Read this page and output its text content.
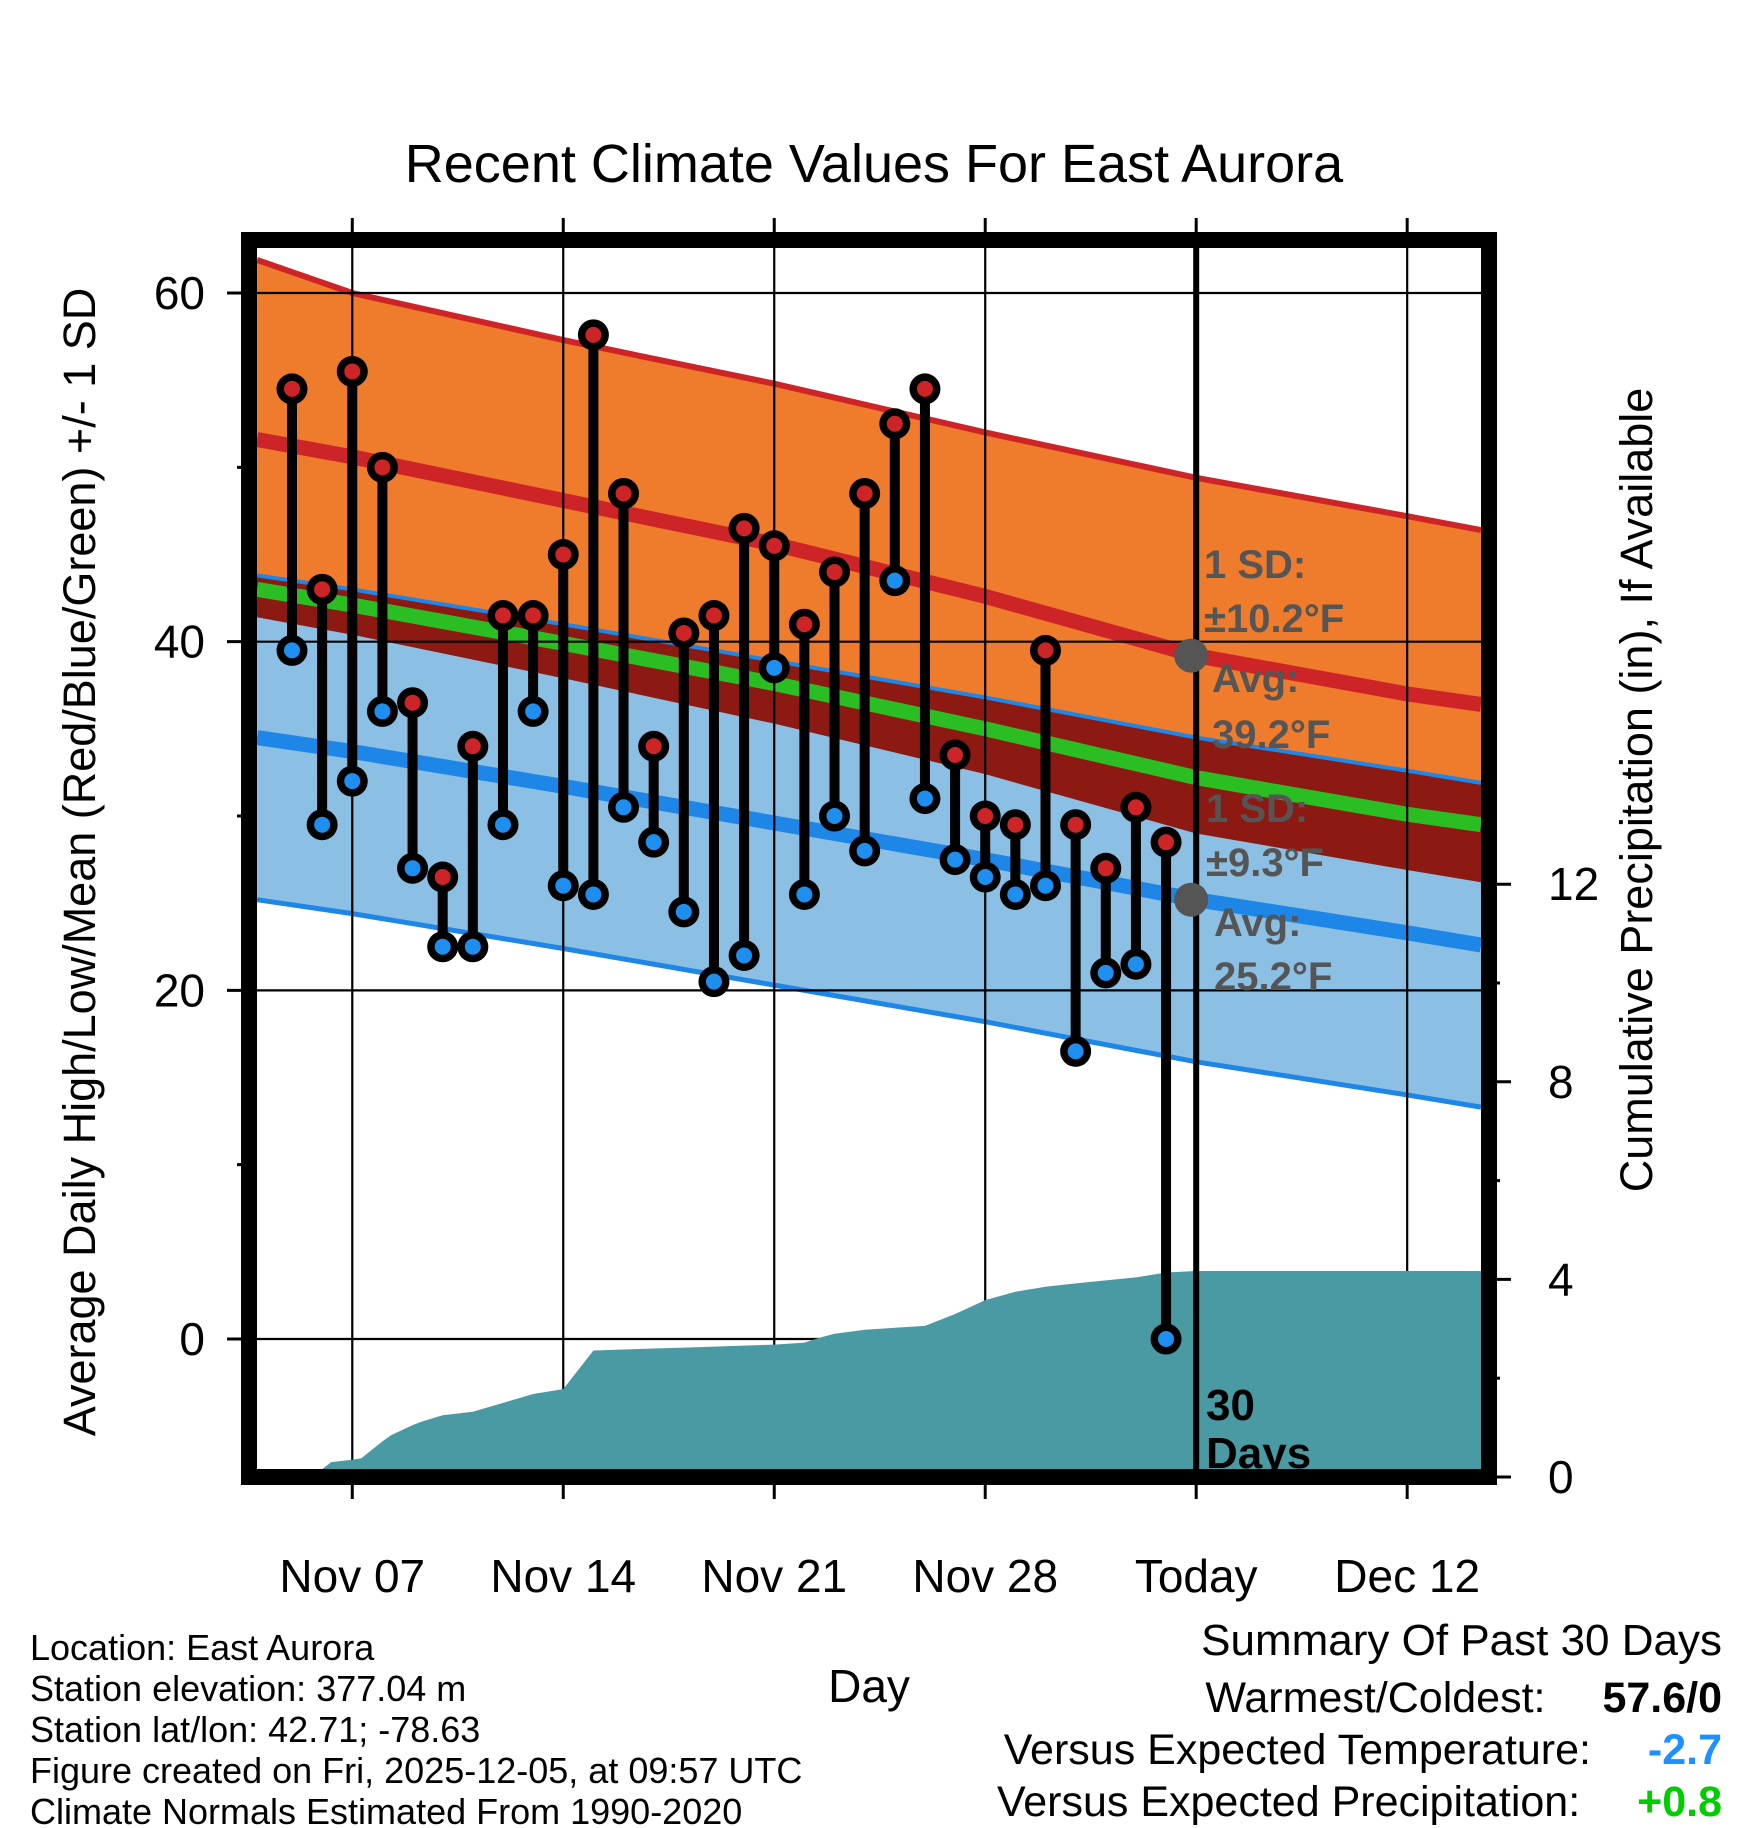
0
20
40
60
0
4
8
12
Nov 07 Nov 14 Nov 21 Nov 28 Today Dec 12
Recent Climate Values For East Aurora
Average Daily High/Low/Mean (Red/Blue/Green) +/- 1 SD	Cumulative Precipitation (in), If Available
Day
1 SD:
±10.2°F
Avg:
39.2°F
1 SD:
±9.3°F
Avg:
25.2°F
30
Days
Location: East Aurora
Station elevation: 377.04 m
Station lat/lon: 42.71; -78.63
Figure created on Fri, 2025-12-05, at 09:57 UTC
Climate Normals Estimated From 1990-2020
Summary Of Past 30 Days
Warmest/Coldest: 57.6/0
Versus Expected Temperature: -2.7
Versus Expected Precipitation: +0.8
